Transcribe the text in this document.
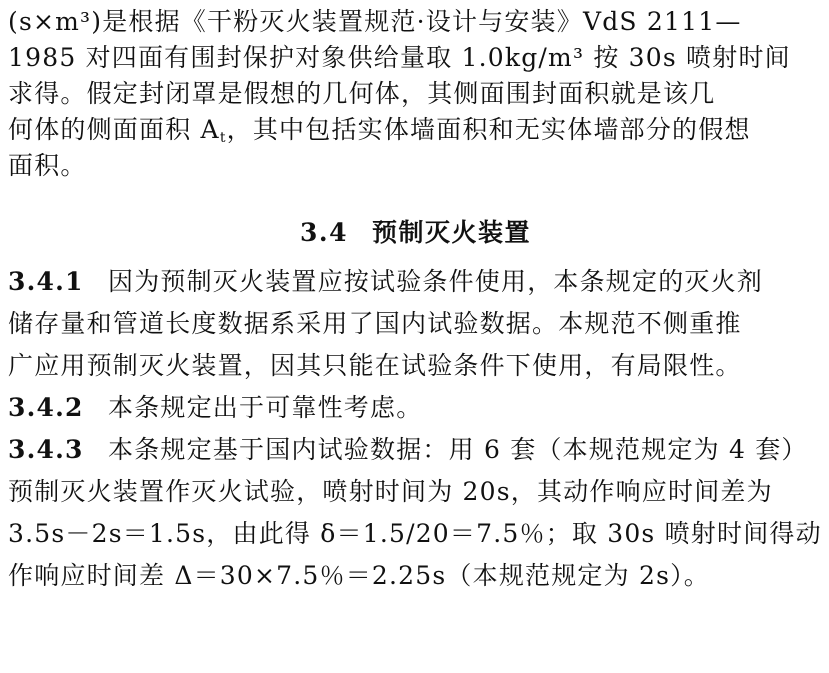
(s×m³)是根据《干粉灭火装置规范·设计与安装》VdS 2111—
1985 对四面有围封保护对象供给量取 1.0kg/m³ 按 30s 喷射时间
求得。假定封闭罩是假想的几何体，其侧面围封面积就是该几
何体的侧面面积 $A_t$，其中包括实体墙面积和无实体墙部分的假想
面积。
3.4 预制灭火装置
3.4.1 因为预制灭火装置应按试验条件使用，本条规定的灭火剂
储存量和管道长度数据系采用了国内试验数据。本规范不侧重推
广应用预制灭火装置，因其只能在试验条件下使用，有局限性。
3.4.2 本条规定出于可靠性考虑。
3.4.3 本条规定基于国内试验数据：用 6 套（本规范规定为 4 套）
预制灭火装置作灭火试验，喷射时间为 20s，其动作响应时间差为
3.5s－2s＝1.5s，由此得 δ＝1.5/20＝7.5％；取 30s 喷射时间得动
作响应时间差 Δ＝30×7.5％＝2.25s（本规范规定为 2s）。
